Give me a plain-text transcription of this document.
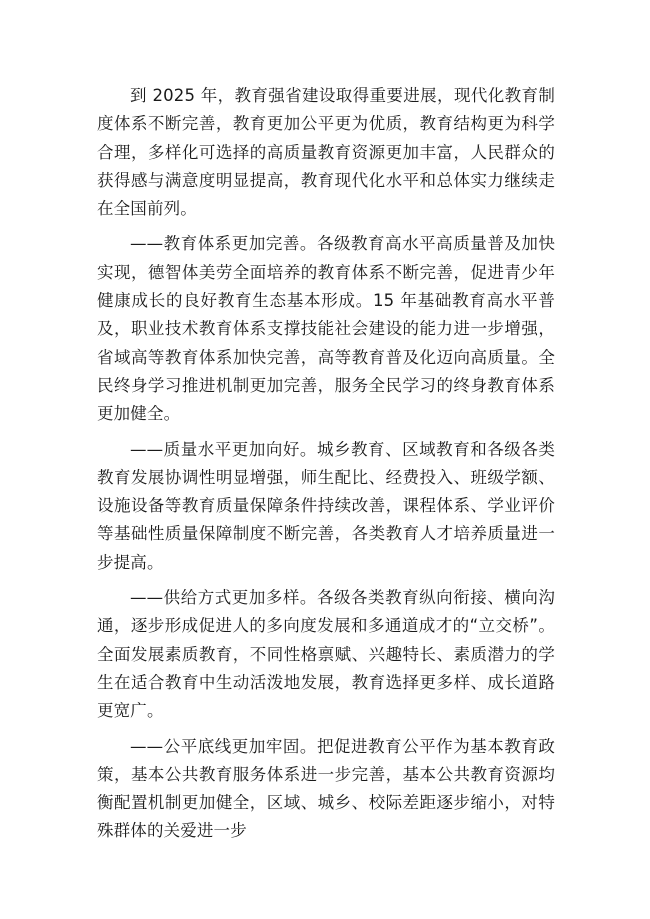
到 2025 年，教育强省建设取得重要进展，现代化教育制度体系不断完善，教育更加公平更为优质，教育结构更为科学合理，多样化可选择的高质量教育资源更加丰富，人民群众的获得感与满意度明显提高，教育现代化水平和总体实力继续走在全国前列。

——教育体系更加完善。各级教育高水平高质量普及加快实现，德智体美劳全面培养的教育体系不断完善，促进青少年健康成长的良好教育生态基本形成。15 年基础教育高水平普及，职业技术教育体系支撑技能社会建设的能力进一步增强，省域高等教育体系加快完善，高等教育普及化迈向高质量。全民终身学习推进机制更加完善，服务全民学习的终身教育体系更加健全。

——质量水平更加向好。城乡教育、区域教育和各级各类教育发展协调性明显增强，师生配比、经费投入、班级学额、设施设备等教育质量保障条件持续改善，课程体系、学业评价等基础性质量保障制度不断完善，各类教育人才培养质量进一步提高。

——供给方式更加多样。各级各类教育纵向衔接、横向沟通，逐步形成促进人的多向度发展和多通道成才的“立交桥”。全面发展素质教育，不同性格禀赋、兴趣特长、素质潜力的学生在适合教育中生动活泼地发展，教育选择更多样、成长道路更宽广。

——公平底线更加牢固。把促进教育公平作为基本教育政策，基本公共教育服务体系进一步完善，基本公共教育资源均衡配置机制更加健全，区域、城乡、校际差距逐步缩小，对特殊群体的关爱进一步
